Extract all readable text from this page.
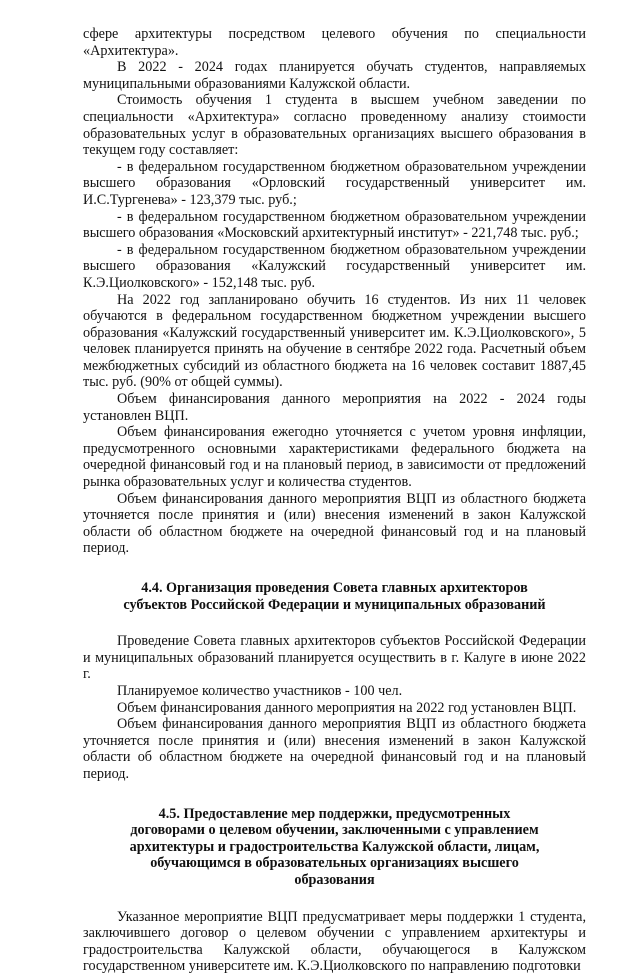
сфере архитектуры посредством целевого обучения по специальности «Архитектура».

В 2022 - 2024 годах планируется обучать студентов, направляемых муниципальными образованиями Калужской области.

Стоимость обучения 1 студента в высшем учебном заведении по специальности «Архитектура» согласно проведенному анализу стоимости образовательных услуг в образовательных организациях высшего образования в текущем году составляет:

- в федеральном государственном бюджетном образовательном учреждении высшего образования «Орловский государственный университет им. И.С.Тургенева» - 123,379 тыс. руб.;

- в федеральном государственном бюджетном образовательном учреждении высшего образования «Московский архитектурный институт» - 221,748 тыс. руб.;

- в федеральном государственном бюджетном образовательном учреждении высшего образования «Калужский государственный университет им. К.Э.Циолковского» - 152,148 тыс. руб.

На 2022 год запланировано обучить 16 студентов. Из них 11 человек обучаются в федеральном государственном бюджетном учреждении высшего образования «Калужский государственный университет им. К.Э.Циолковского», 5 человек планируется принять на обучение в сентябре 2022 года. Расчетный объем межбюджетных субсидий из областного бюджета на 16 человек составит 1887,45 тыс. руб. (90% от общей суммы).

Объем финансирования данного мероприятия на 2022 - 2024 годы установлен ВЦП.

Объем финансирования ежегодно уточняется с учетом уровня инфляции, предусмотренного основными характеристиками федерального бюджета на очередной финансовый год и на плановый период, в зависимости от предложений рынка образовательных услуг и количества студентов.

Объем финансирования данного мероприятия ВЦП из областного бюджета уточняется после принятия и (или) внесения изменений в закон Калужской области об областном бюджете на очередной финансовый год и на плановый период.

4.4. Организация проведения Совета главных архитекторов

субъектов Российской Федерации и муниципальных образований

Проведение Совета главных архитекторов субъектов Российской Федерации и муниципальных образований планируется осуществить в г. Калуге в июне 2022 г.

Планируемое количество участников - 100 чел.

Объем финансирования данного мероприятия на 2022 год установлен ВЦП.

Объем финансирования данного мероприятия ВЦП из областного бюджета уточняется после принятия и (или) внесения изменений в закон Калужской области об областном бюджете на очередной финансовый год и на плановый период.

4.5. Предоставление мер поддержки, предусмотренных

договорами о целевом обучении, заключенными с управлением

архитектуры и градостроительства Калужской области, лицам,

обучающимся в образовательных организациях высшего

образования

Указанное мероприятие ВЦП предусматривает меры поддержки 1 студента, заключившего договор о целевом обучении с управлением архитектуры и градостроительства Калужской области, обучающегося в Калужском государственном университете им. К.Э.Циолковского по направлению подготовки
